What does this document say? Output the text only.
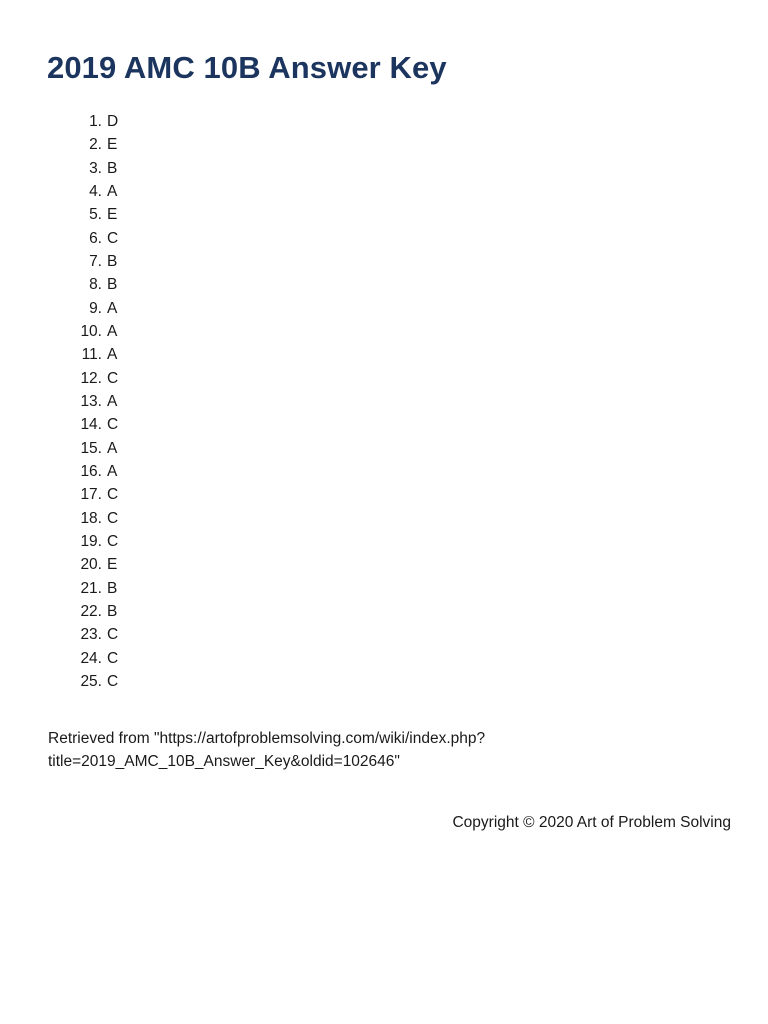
2019 AMC 10B Answer Key
1. D
2. E
3. B
4. A
5. E
6. C
7. B
8. B
9. A
10. A
11. A
12. C
13. A
14. C
15. A
16. A
17. C
18. C
19. C
20. E
21. B
22. B
23. C
24. C
25. C

Retrieved from "https://artofproblemsolving.com/wiki/index.php?
title=2019_AMC_10B_Answer_Key&oldid=102646"

Copyright © 2020 Art of Problem Solving
